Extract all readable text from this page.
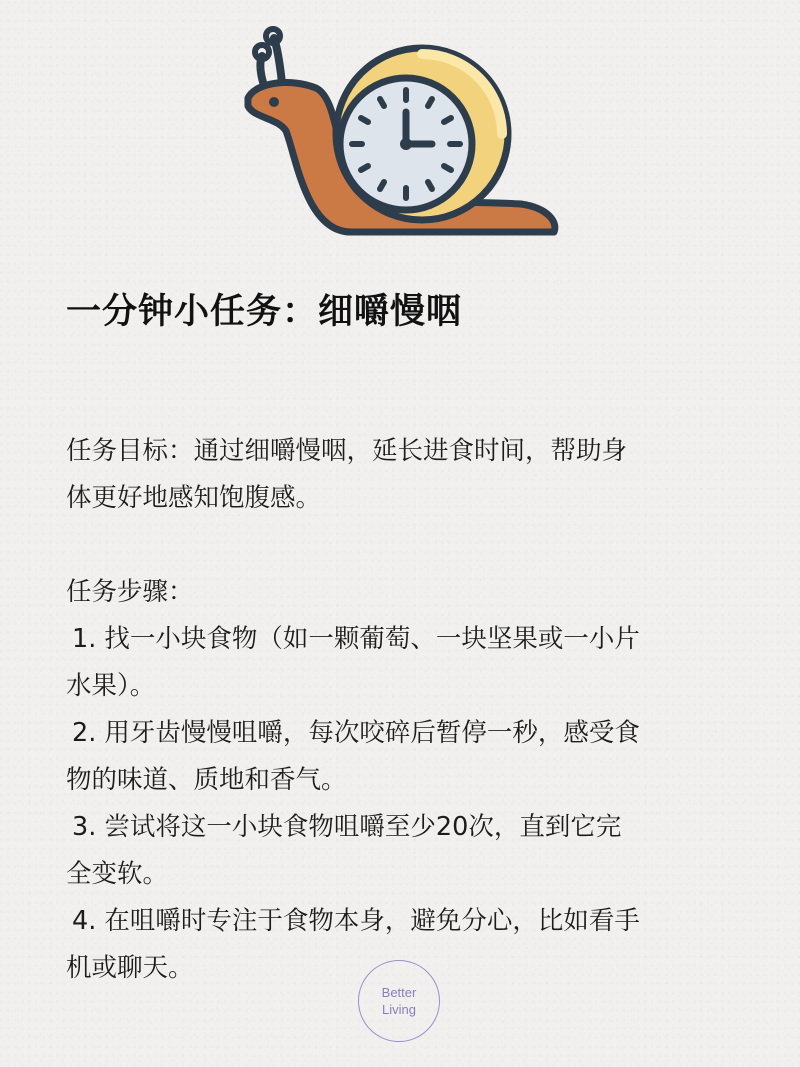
一分钟小任务：细嚼慢咽

任务目标：通过细嚼慢咽，延长进食时间，帮助身

体更好地感知饱腹感。

任务步骤：

1. 找一小块食物（如一颗葡萄、一块坚果或一小片

水果）。

2. 用牙齿慢慢咀嚼，每次咬碎后暂停一秒，感受食

物的味道、质地和香气。

3. 尝试将这一小块食物咀嚼至少20次，直到它完

全变软。

4. 在咀嚼时专注于食物本身，避免分心，比如看手

机或聊天。

Better
Living
